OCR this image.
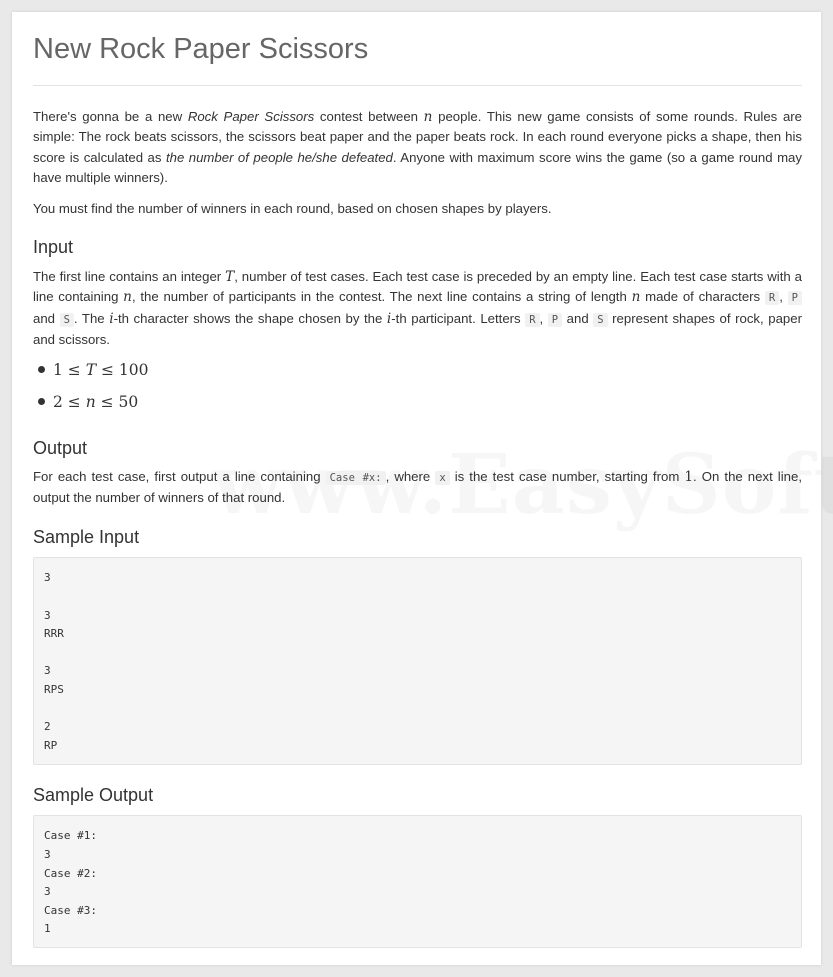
New Rock Paper Scissors

There's gonna be a new Rock Paper Scissors contest between n people. This new game consists of some rounds. Rules are simple: The rock beats scissors, the scissors beat paper and the paper beats rock. In each round everyone picks a shape, then his score is calculated as the number of people he/she defeated. Anyone with maximum score wins the game (so a game round may have multiple winners).

You must find the number of winners in each round, based on chosen shapes by players.

Input

The first line contains an integer T, number of test cases. Each test case is preceded by an empty line. Each test case starts with a line containing n, the number of participants in the contest. The next line contains a string of length n made of characters R , P and S . The i-th character shows the shape chosen by the i-th participant. Letters R , P and S represent shapes of rock, paper and scissors.

1 ≤ T ≤ 100
2 ≤ n ≤ 50
Output

For each test case, first output a line containing Case #x: , where x is the test case number, starting from 1. On the next line, output the number of winners of that round.

Sample Input
3

3
RRR

3
RPS

2
RP
Sample Output
Case #1:
3
Case #2:
3
Case #3:
1
